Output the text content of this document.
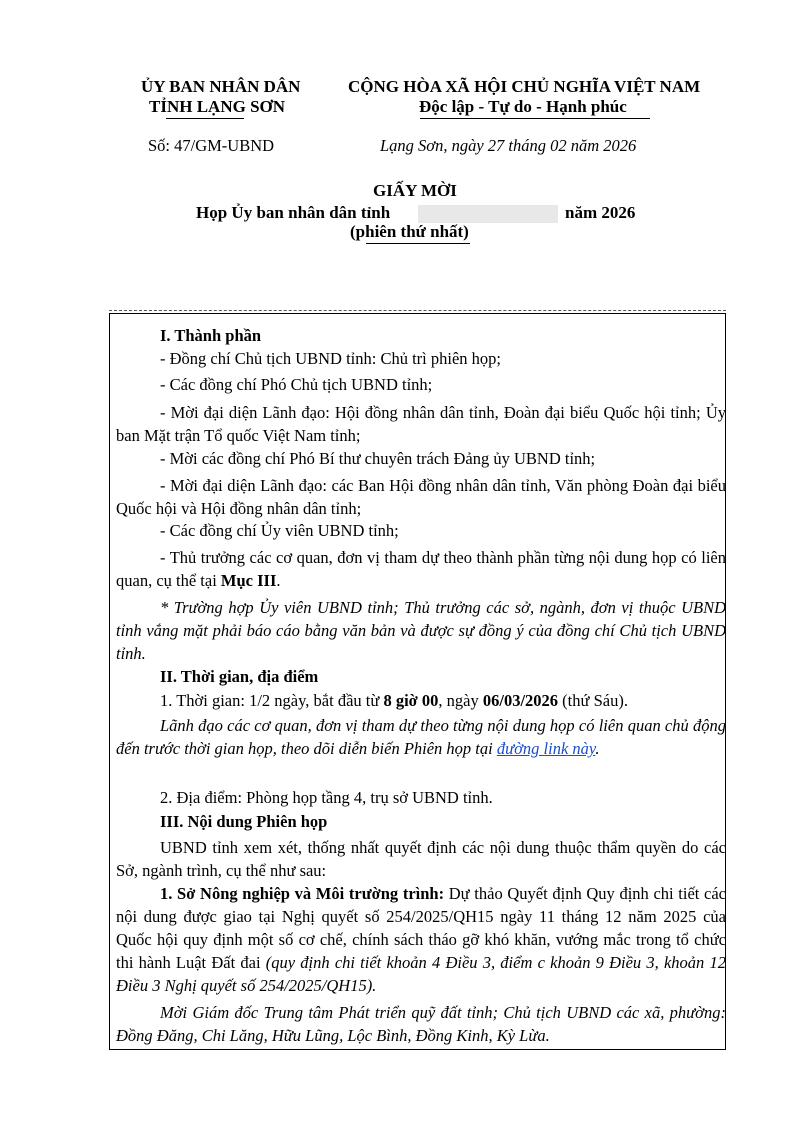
ỦY BAN NHÂN DÂN
TỈNH LẠNG SƠN
CỘNG HÒA XÃ HỘI CHỦ NGHĨA VIỆT NAM
Độc lập - Tự do - Hạnh phúc
Số: 47/GM-UBND	Lạng Sơn, ngày 27 tháng 02 năm 2026
GIẤY MỜI
Họp Ủy ban nhân dân tỉnh	năm 2026
(phiên thứ nhất)
I. Thành phần
- Đồng chí Chủ tịch UBND tỉnh: Chủ trì phiên họp;
- Các đồng chí Phó Chủ tịch UBND tỉnh;
- Mời đại diện Lãnh đạo: Hội đồng nhân dân tỉnh, Đoàn đại biểu Quốc hội tỉnh; Ủy ban Mặt trận Tổ quốc Việt Nam tỉnh;
- Mời các đồng chí Phó Bí thư chuyên trách Đảng ủy UBND tỉnh;
- Mời đại diện Lãnh đạo: các Ban Hội đồng nhân dân tỉnh, Văn phòng Đoàn đại biểu Quốc hội và Hội đồng nhân dân tỉnh;
- Các đồng chí Ủy viên UBND tỉnh;

- Thủ trưởng các cơ quan, đơn vị tham dự theo thành phần từng nội dung họp có liên quan, cụ thể tại Mục III.

* Trường hợp Ủy viên UBND tỉnh; Thủ trưởng các sở, ngành, đơn vị thuộc UBND tỉnh vắng mặt phải báo cáo bằng văn bản và được sự đồng ý của đồng chí Chủ tịch UBND tỉnh.
II. Thời gian, địa điểm

1. Thời gian: 1/2 ngày, bắt đầu từ 8 giờ 00, ngày 06/03/2026 (thứ Sáu).

Lãnh đạo các cơ quan, đơn vị tham dự theo từng nội dung họp có liên quan chủ động đến trước thời gian họp, theo dõi diễn biến Phiên họp tại đường link này.

2. Địa điểm: Phòng họp tầng 4, trụ sở UBND tỉnh.
III. Nội dung Phiên họp
UBND tỉnh xem xét, thống nhất quyết định các nội dung thuộc thẩm quyền do các Sở, ngành trình, cụ thể như sau:

1. Sở Nông nghiệp và Môi trường trình: Dự thảo Quyết định Quy định chi tiết các nội dung được giao tại Nghị quyết số 254/2025/QH15 ngày 11 tháng 12 năm 2025 của Quốc hội quy định một số cơ chế, chính sách tháo gỡ khó khăn, vướng mắc trong tổ chức thi hành Luật Đất đai (quy định chi tiết khoản 4 Điều 3, điểm c khoản 9 Điều 3, khoản 12 Điều 3 Nghị quyết số 254/2025/QH15).

Mời Giám đốc Trung tâm Phát triển quỹ đất tỉnh; Chủ tịch UBND các xã, phường: Đồng Đăng, Chi Lăng, Hữu Lũng, Lộc Bình, Đồng Kinh, Kỳ Lừa.
